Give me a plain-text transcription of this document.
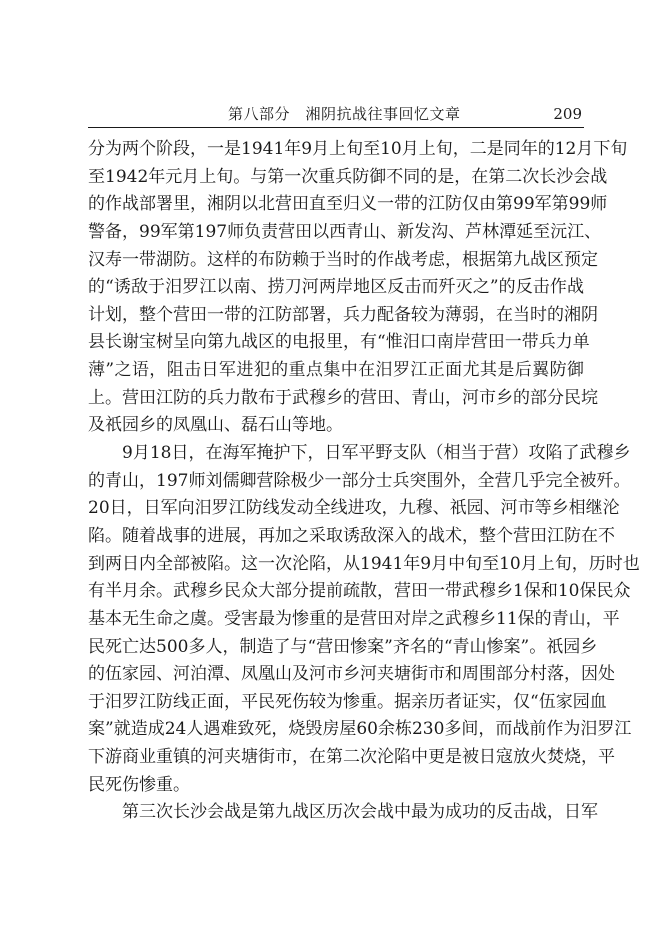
第八部分　湘阴抗战往事回忆文章	209
分为两个阶段，一是1941年9月上旬至10月上旬，二是同年的12月下旬
至1942年元月上旬。与第一次重兵防御不同的是，在第二次长沙会战
的作战部署里，湘阴以北营田直至归义一带的江防仅由第99军第99师
警备，99军第197师负责营田以西青山、新发沟、芦林潭延至沅江、
汉寿一带湖防。这样的布防赖于当时的作战考虑，根据第九战区预定
的“诱敌于汨罗江以南、捞刀河两岸地区反击而歼灭之”的反击作战
计划，整个营田一带的江防部署，兵力配备较为薄弱，在当时的湘阴
县长谢宝树呈向第九战区的电报里，有“惟汨口南岸营田一带兵力单
薄”之语，阻击日军进犯的重点集中在汨罗江正面尤其是后翼防御
上。营田江防的兵力散布于武穆乡的营田、青山，河市乡的部分民垸
及祇园乡的凤凰山、磊石山等地。
9月18日，在海军掩护下，日军平野支队（相当于营）攻陷了武穆乡
的青山，197师刘儒卿营除极少一部分士兵突围外，全营几乎完全被歼。
20日，日军向汨罗江防线发动全线进攻，九穆、祇园、河市等乡相继沦
陷。随着战事的进展，再加之采取诱敌深入的战术，整个营田江防在不
到两日内全部被陷。这一次沦陷，从1941年9月中旬至10月上旬，历时也
有半月余。武穆乡民众大部分提前疏散，营田一带武穆乡1保和10保民众
基本无生命之虞。受害最为惨重的是营田对岸之武穆乡11保的青山，平
民死亡达500多人，制造了与“营田惨案”齐名的“青山惨案”。祇园乡
的伍家园、河泊潭、凤凰山及河市乡河夹塘街市和周围部分村落，因处
于汨罗江防线正面，平民死伤较为惨重。据亲历者证实，仅“伍家园血
案”就造成24人遇难致死，烧毁房屋60余栋230多间，而战前作为汨罗江
下游商业重镇的河夹塘街市，在第二次沦陷中更是被日寇放火焚烧，平
民死伤惨重。
第三次长沙会战是第九战区历次会战中最为成功的反击战，日军
